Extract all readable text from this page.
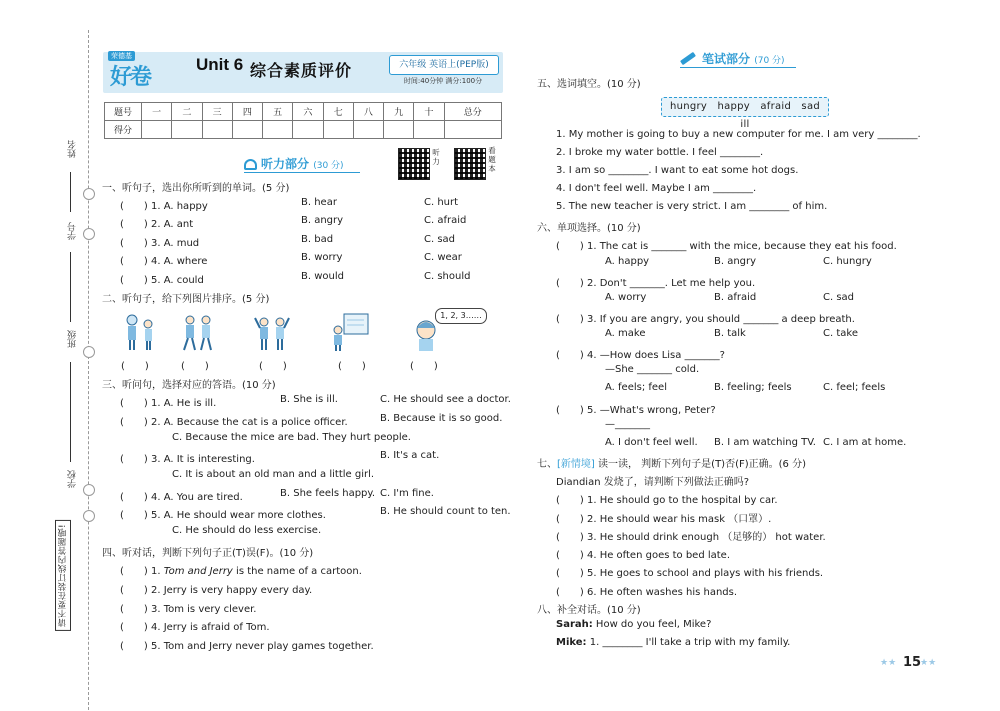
姓名
学号
班级
学校
请不要在装订线内答题哦!
荣德基
好卷	Unit 6 综合素质评价	六年级 英语上(PEP版)
时间:40分钟 满分:100分
题号	一	二	三	四	五	六	七	八	九	十	总分
得分											
听力部分 (30 分)
听力
看题本
一、听句子，选出你所听到的单词。(5 分)
(　　) 1. A. happy	B. hear	C. hurt
(　　) 2. A. ant	B. angry	C. afraid
(　　) 3. A. mud	B. bad	C. sad
(　　) 4. A. where	B. worry	C. wear
(　　) 5. A. could	B. would	C. should
二、听句子，给下列图片排序。(5 分)
1, 2, 3……
(　　)	(　　)	(　　)	(　　)	(　　)
三、听问句，选择对应的答语。(10 分)
(　　) 1. A. He is ill.	B. She is ill.	C. He should see a doctor.
(　　) 2. A. Because the cat is a police officer.	B. Because it is so good.
C. Because the mice are bad. They hurt people.
(　　) 3. A. It is interesting.	B. It's a cat.
C. It is about an old man and a little girl.
(　　) 4. A. You are tired.	B. She feels happy. C. I'm fine.
(　　) 5. A. He should wear more clothes.	B. He should count to ten.
C. He should do less exercise.
四、听对话，判断下列句子正(T)误(F)。(10 分)
(　　) 1. Tom and Jerry is the name of a cartoon.
(　　) 2. Jerry is very happy every day.
(　　) 3. Tom is very clever.
(　　) 4. Jerry is afraid of Tom.
(　　) 5. Tom and Jerry never play games together.
笔试部分 (70 分)
五、选词填空。(10 分)
hungry　happy　afraid　sad　ill
1. My mother is going to buy a new computer for me. I am very ________.
2. I broke my water bottle. I feel ________.
3. I am so ________. I want to eat some hot dogs.
4. I don't feel well. Maybe I am ________.
5. The new teacher is very strict. I am ________ of him.
六、单项选择。(10 分)
(　　) 1. The cat is _______ with the mice, because they eat his food.
A. happy	B. angry	C. hungry
(　　) 2. Don't _______. Let me help you.
A. worry	B. afraid	C. sad
(　　) 3. If you are angry, you should _______ a deep breath.
A. make	B. talk	C. take
(　　) 4. —How does Lisa _______?
—She _______ cold.
A. feels; feel	B. feeling; feels	C. feel; feels
(　　) 5. —What's wrong, Peter?
—_______
A. I don't feel well. B. I am watching TV. C. I am at home.
七、[新情境] 读一读， 判断下列句子是(T)否(F)正确。(6 分)
Diandian 发烧了，请判断下列做法正确吗?
(　　) 1. He should go to the hospital by car.
(　　) 2. He should wear his mask （口罩）.
(　　) 3. He should drink enough （足够的） hot water.
(　　) 4. He often goes to bed late.
(　　) 5. He goes to school and plays with his friends.
(　　) 6. He often washes his hands.
八、补全对话。(10 分)
Sarah: How do you feel, Mike?
Mike: 1. ________ I'll take a trip with my family.
★★ 15
★★
